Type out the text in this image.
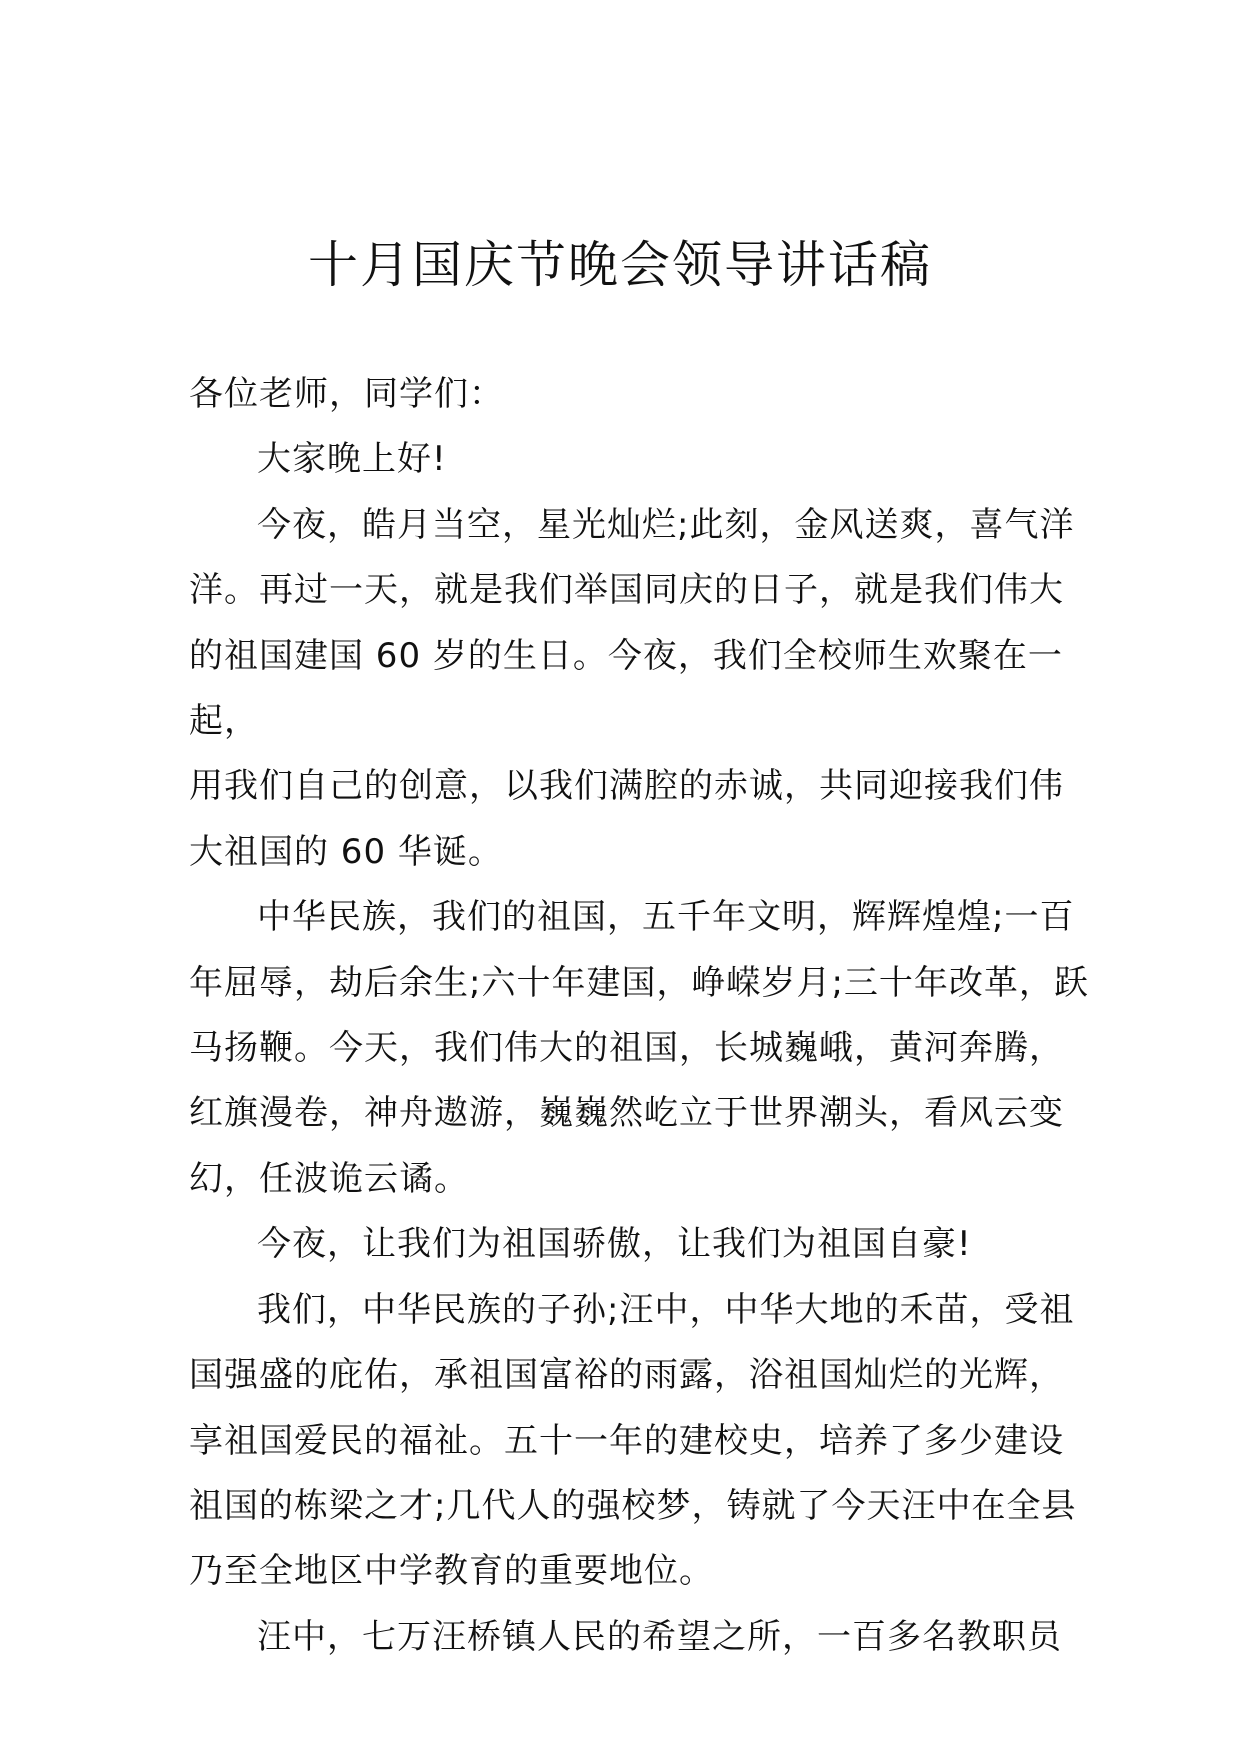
十月国庆节晚会领导讲话稿
各位老师，同学们：
大家晚上好!
今夜，皓月当空，星光灿烂;此刻，金风送爽，喜气洋
洋。再过一天，就是我们举国同庆的日子，就是我们伟大
的祖国建国 60 岁的生日。今夜，我们全校师生欢聚在一起，
用我们自己的创意，以我们满腔的赤诚，共同迎接我们伟
大祖国的 60 华诞。
中华民族，我们的祖国，五千年文明，辉辉煌煌;一百
年屈辱，劫后余生;六十年建国，峥嵘岁月;三十年改革，跃
马扬鞭。今天，我们伟大的祖国，长城巍峨，黄河奔腾，
红旗漫卷，神舟遨游，巍巍然屹立于世界潮头，看风云变
幻，任波诡云谲。
今夜，让我们为祖国骄傲，让我们为祖国自豪!
我们，中华民族的子孙;汪中，中华大地的禾苗，受祖
国强盛的庇佑，承祖国富裕的雨露，浴祖国灿烂的光辉，
享祖国爱民的福祉。五十一年的建校史，培养了多少建设
祖国的栋梁之才;几代人的强校梦，铸就了今天汪中在全县
乃至全地区中学教育的重要地位。
汪中，七万汪桥镇人民的希望之所，一百多名教职员
